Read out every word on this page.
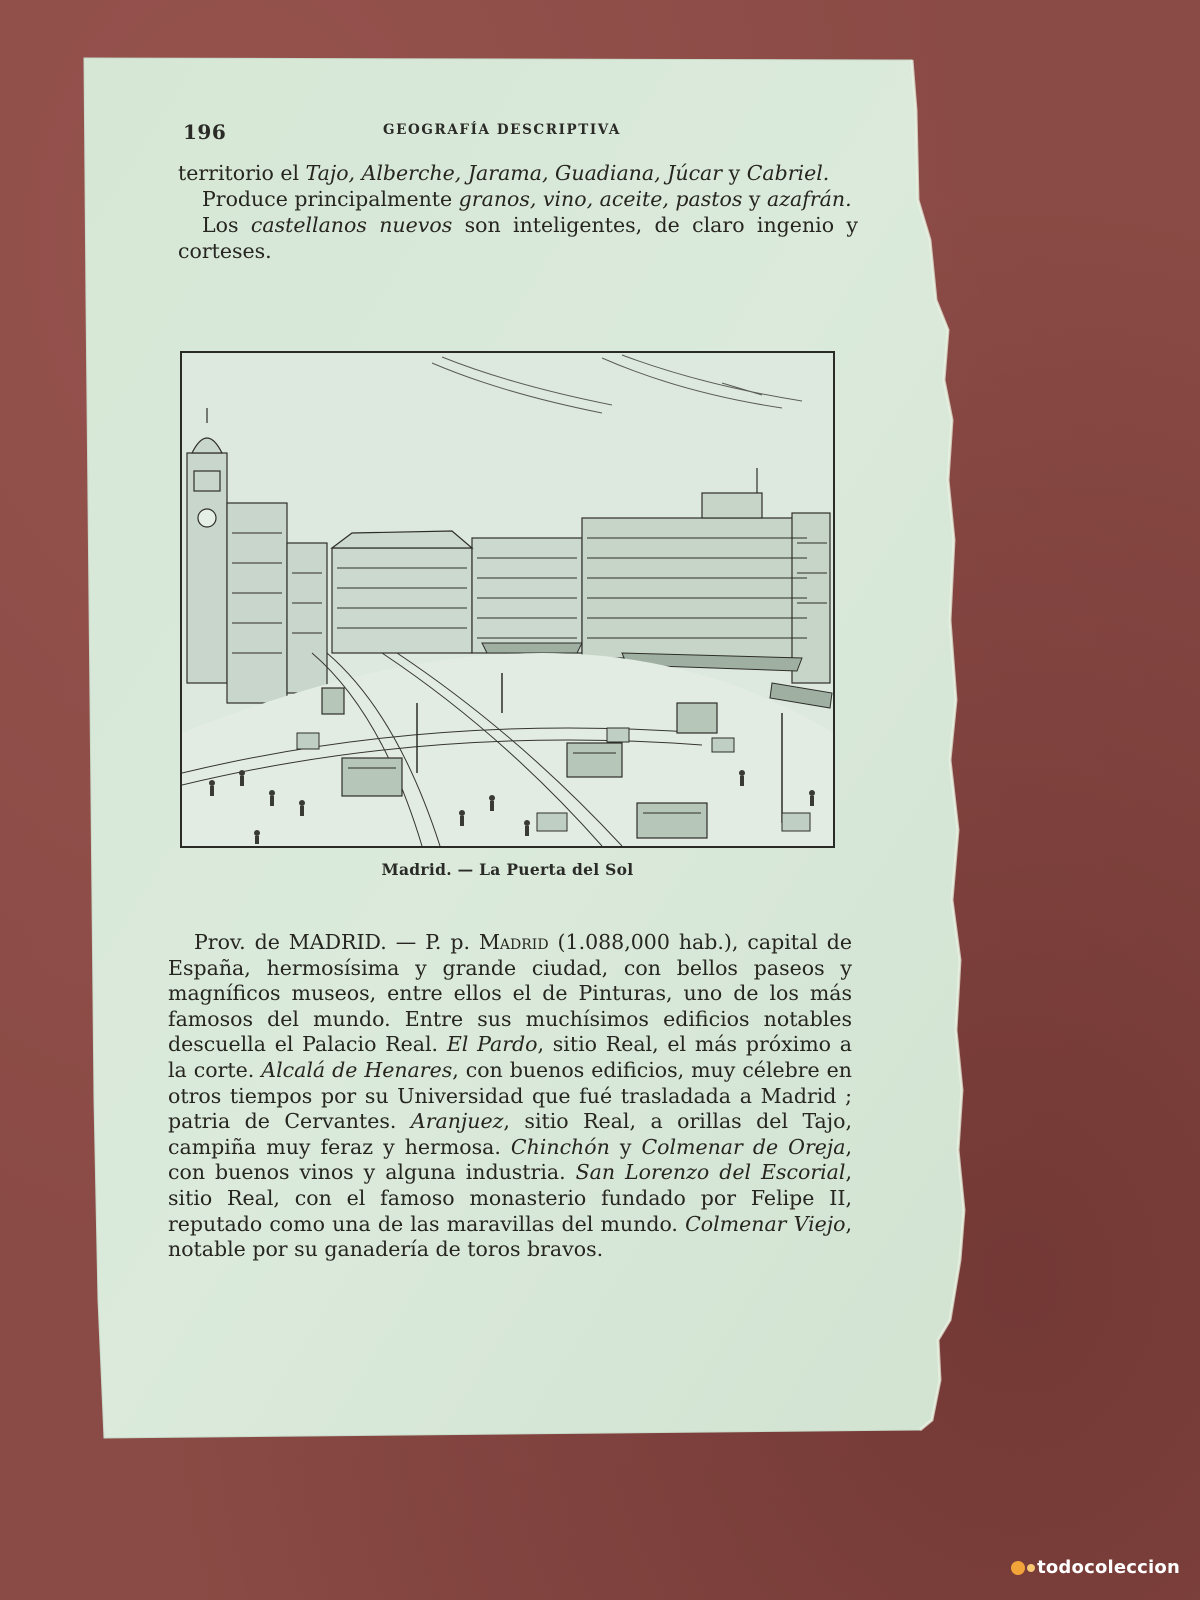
196	GEOGRAFÍA DESCRIPTIVA

territorio el Tajo, Alberche, Jarama, Guadiana, Júcar y Cabriel.

Produce principalmente granos, vino, aceite, pastos y azafrán.

Los castellanos nuevos son inteligentes, de claro ingenio y corteses.

Madrid. — La Puerta del Sol

Prov. de MADRID. — P. p. Madrid (1.088,000 hab.), capital de España, hermosísima y grande ciudad, con bellos paseos y magníficos museos, entre ellos el de Pinturas, uno de los más famosos del mundo. Entre sus muchísimos edificios notables descuella el Palacio Real. El Pardo, sitio Real, el más próximo a la corte. Alcalá de Henares, con buenos edificios, muy célebre en otros tiempos por su Universidad que fué trasladada a Madrid ; patria de Cervantes. Aranjuez, sitio Real, a orillas del Tajo, campiña muy feraz y hermosa. Chinchón y Colmenar de Oreja, con buenos vinos y alguna industria. San Lorenzo del Escorial, sitio Real, con el famoso monasterio fundado por Felipe II, reputado como una de las maravillas del mundo. Colmenar Viejo, notable por su ganadería de toros bravos.

todocoleccion
